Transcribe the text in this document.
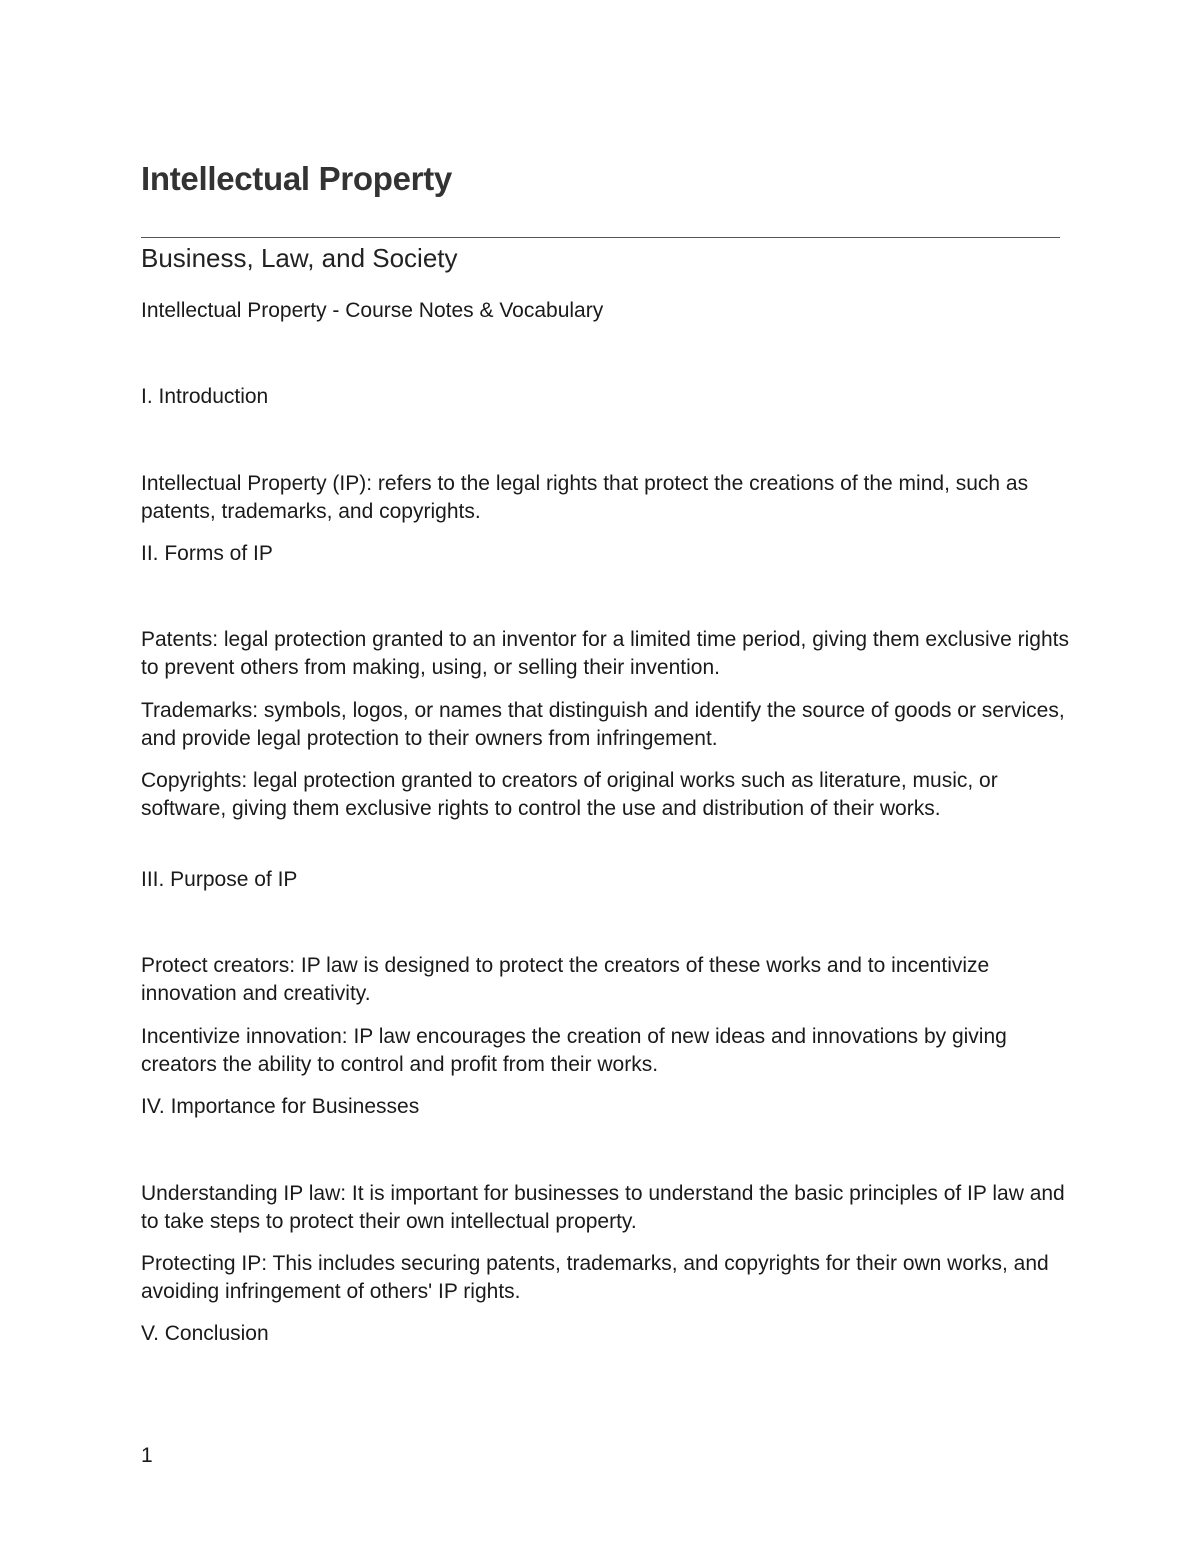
Intellectual Property
Business, Law, and Society

Intellectual Property - Course Notes & Vocabulary

I. Introduction

Intellectual Property (IP): refers to the legal rights that protect the creations of the mind, such as patents, trademarks, and copyrights.

II. Forms of IP

Patents: legal protection granted to an inventor for a limited time period, giving them exclusive rights to prevent others from making, using, or selling their invention.

Trademarks: symbols, logos, or names that distinguish and identify the source of goods or services, and provide legal protection to their owners from infringement.

Copyrights: legal protection granted to creators of original works such as literature, music, or software, giving them exclusive rights to control the use and distribution of their works.

III. Purpose of IP

Protect creators: IP law is designed to protect the creators of these works and to incentivize innovation and creativity.

Incentivize innovation: IP law encourages the creation of new ideas and innovations by giving creators the ability to control and profit from their works.

IV. Importance for Businesses

Understanding IP law: It is important for businesses to understand the basic principles of IP law and to take steps to protect their own intellectual property.

Protecting IP: This includes securing patents, trademarks, and copyrights for their own works, and avoiding infringement of others' IP rights.

V. Conclusion

1
